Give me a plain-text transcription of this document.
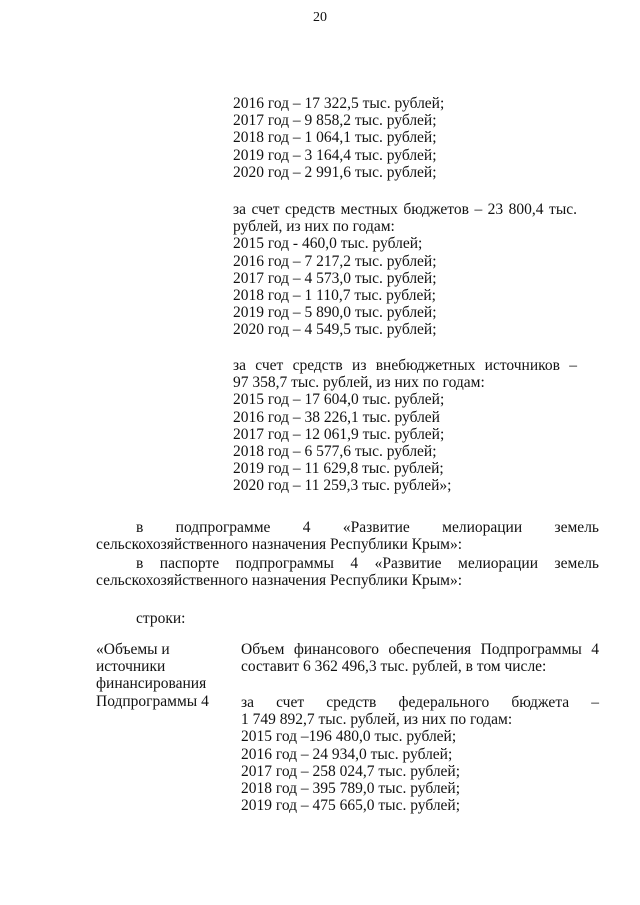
20
2016 год – 17 322,5 тыс. рублей;
2017 год – 9 858,2 тыс. рублей;
2018 год – 1 064,1 тыс. рублей;
2019 год – 3 164,4 тыс. рублей;
2020 год – 2 991,6 тыс. рублей;
за счет средств местных бюджетов – 23 800,4 тыс.
рублей, из них по годам:
2015 год - 460,0 тыс. рублей;
2016 год – 7 217,2 тыс. рублей;
2017 год – 4 573,0 тыс. рублей;
2018 год – 1 110,7 тыс. рублей;
2019 год – 5 890,0 тыс. рублей;
2020 год – 4 549,5 тыс. рублей;
за счет средств из внебюджетных источников –
97 358,7 тыс. рублей, из них по годам:
2015 год – 17 604,0 тыс. рублей;
2016 год – 38 226,1 тыс. рублей
2017 год – 12 061,9 тыс. рублей;
2018 год – 6 577,6 тыс. рублей;
2019 год – 11 629,8 тыс. рублей;
2020 год – 11 259,3 тыс. рублей»;
в подпрограмме 4 «Развитие мелиорации земель
сельскохозяйственного назначения Республики Крым»:
в паспорте подпрограммы 4 «Развитие мелиорации земель
сельскохозяйственного назначения Республики Крым»:
строки:
«Объемы и
источники
финансирования
Подпрограммы 4
Объем финансового обеспечения Подпрограммы 4
составит 6 362 496,3 тыс. рублей, в том числе:
за счет средств федерального бюджета –
1 749 892,7 тыс. рублей, из них по годам:
2015 год –196 480,0 тыс. рублей;
2016 год – 24 934,0 тыс. рублей;
2017 год – 258 024,7 тыс. рублей;
2018 год – 395 789,0 тыс. рублей;
2019 год – 475 665,0 тыс. рублей;
